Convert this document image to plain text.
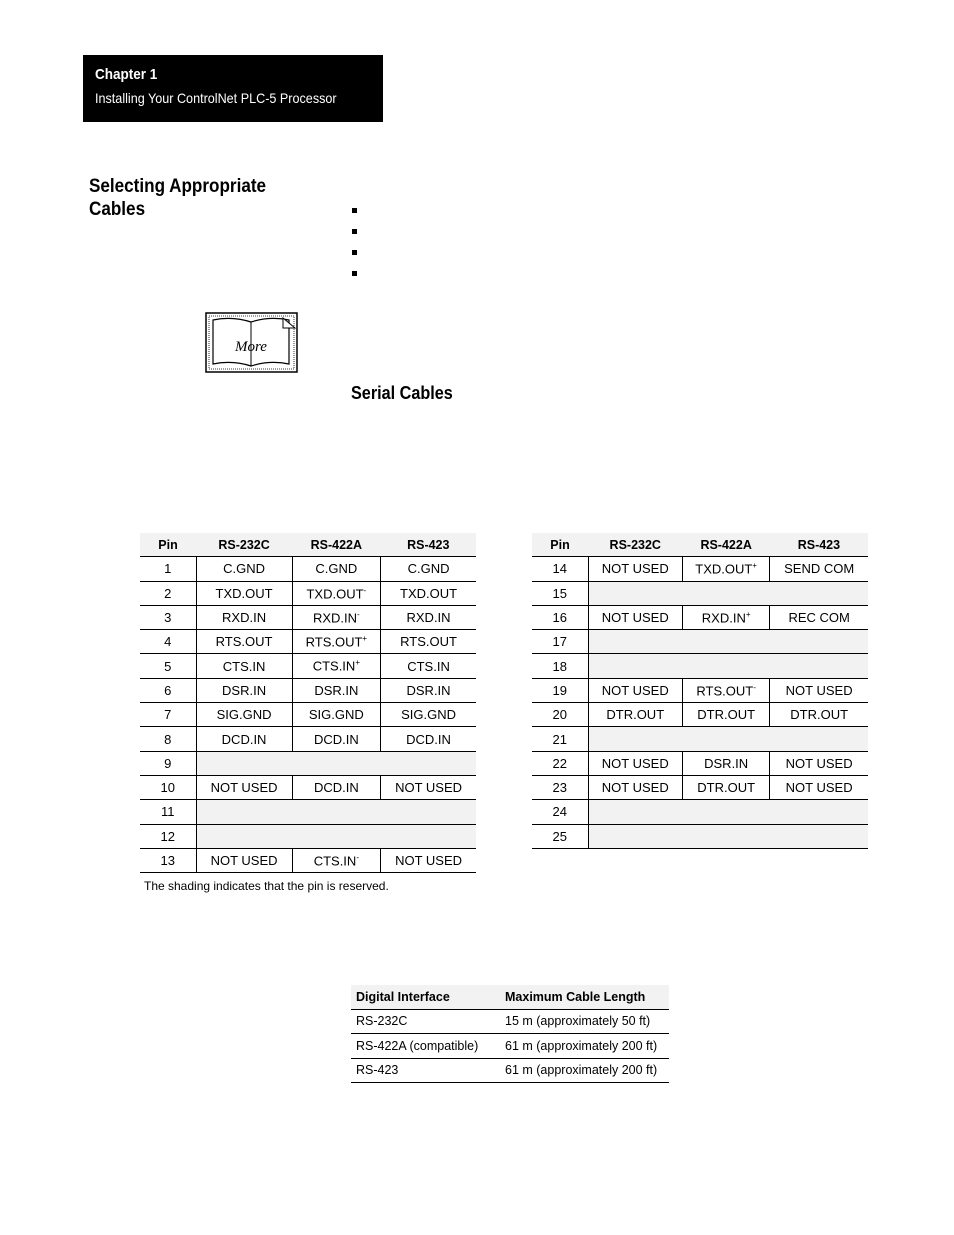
Chapter 1
Installing Your ControlNet PLC-5 Processor
Selecting Appropriate Cables
More
Serial Cables
Pin	RS-232C	RS-422A	RS-423
1	C.GND	C.GND	C.GND
2	TXD.OUT	TXD.OUT-	TXD.OUT
3	RXD.IN	RXD.IN-	RXD.IN
4	RTS.OUT	RTS.OUT+	RTS.OUT
5	CTS.IN	CTS.IN+	CTS.IN
6	DSR.IN	DSR.IN	DSR.IN
7	SIG.GND	SIG.GND	SIG.GND
8	DCD.IN	DCD.IN	DCD.IN
9			
10	NOT USED	DCD.IN	NOT USED
11			
12			
13	NOT USED	CTS.IN-	NOT USED
Pin	RS-232C	RS-422A	RS-423
14	NOT USED	TXD.OUT+	SEND COM
15			
16	NOT USED	RXD.IN+	REC COM
17			
18			
19	NOT USED	RTS.OUT-	NOT USED
20	DTR.OUT	DTR.OUT	DTR.OUT
21			
22	NOT USED	DSR.IN	NOT USED
23	NOT USED	DTR.OUT	NOT USED
24			
25			
The shading indicates that the pin is reserved.
Digital Interface	Maximum Cable Length
RS-232C	15 m (approximately 50 ft)
RS-422A (compatible)	61 m (approximately 200 ft)
RS-423	61 m (approximately 200 ft)
